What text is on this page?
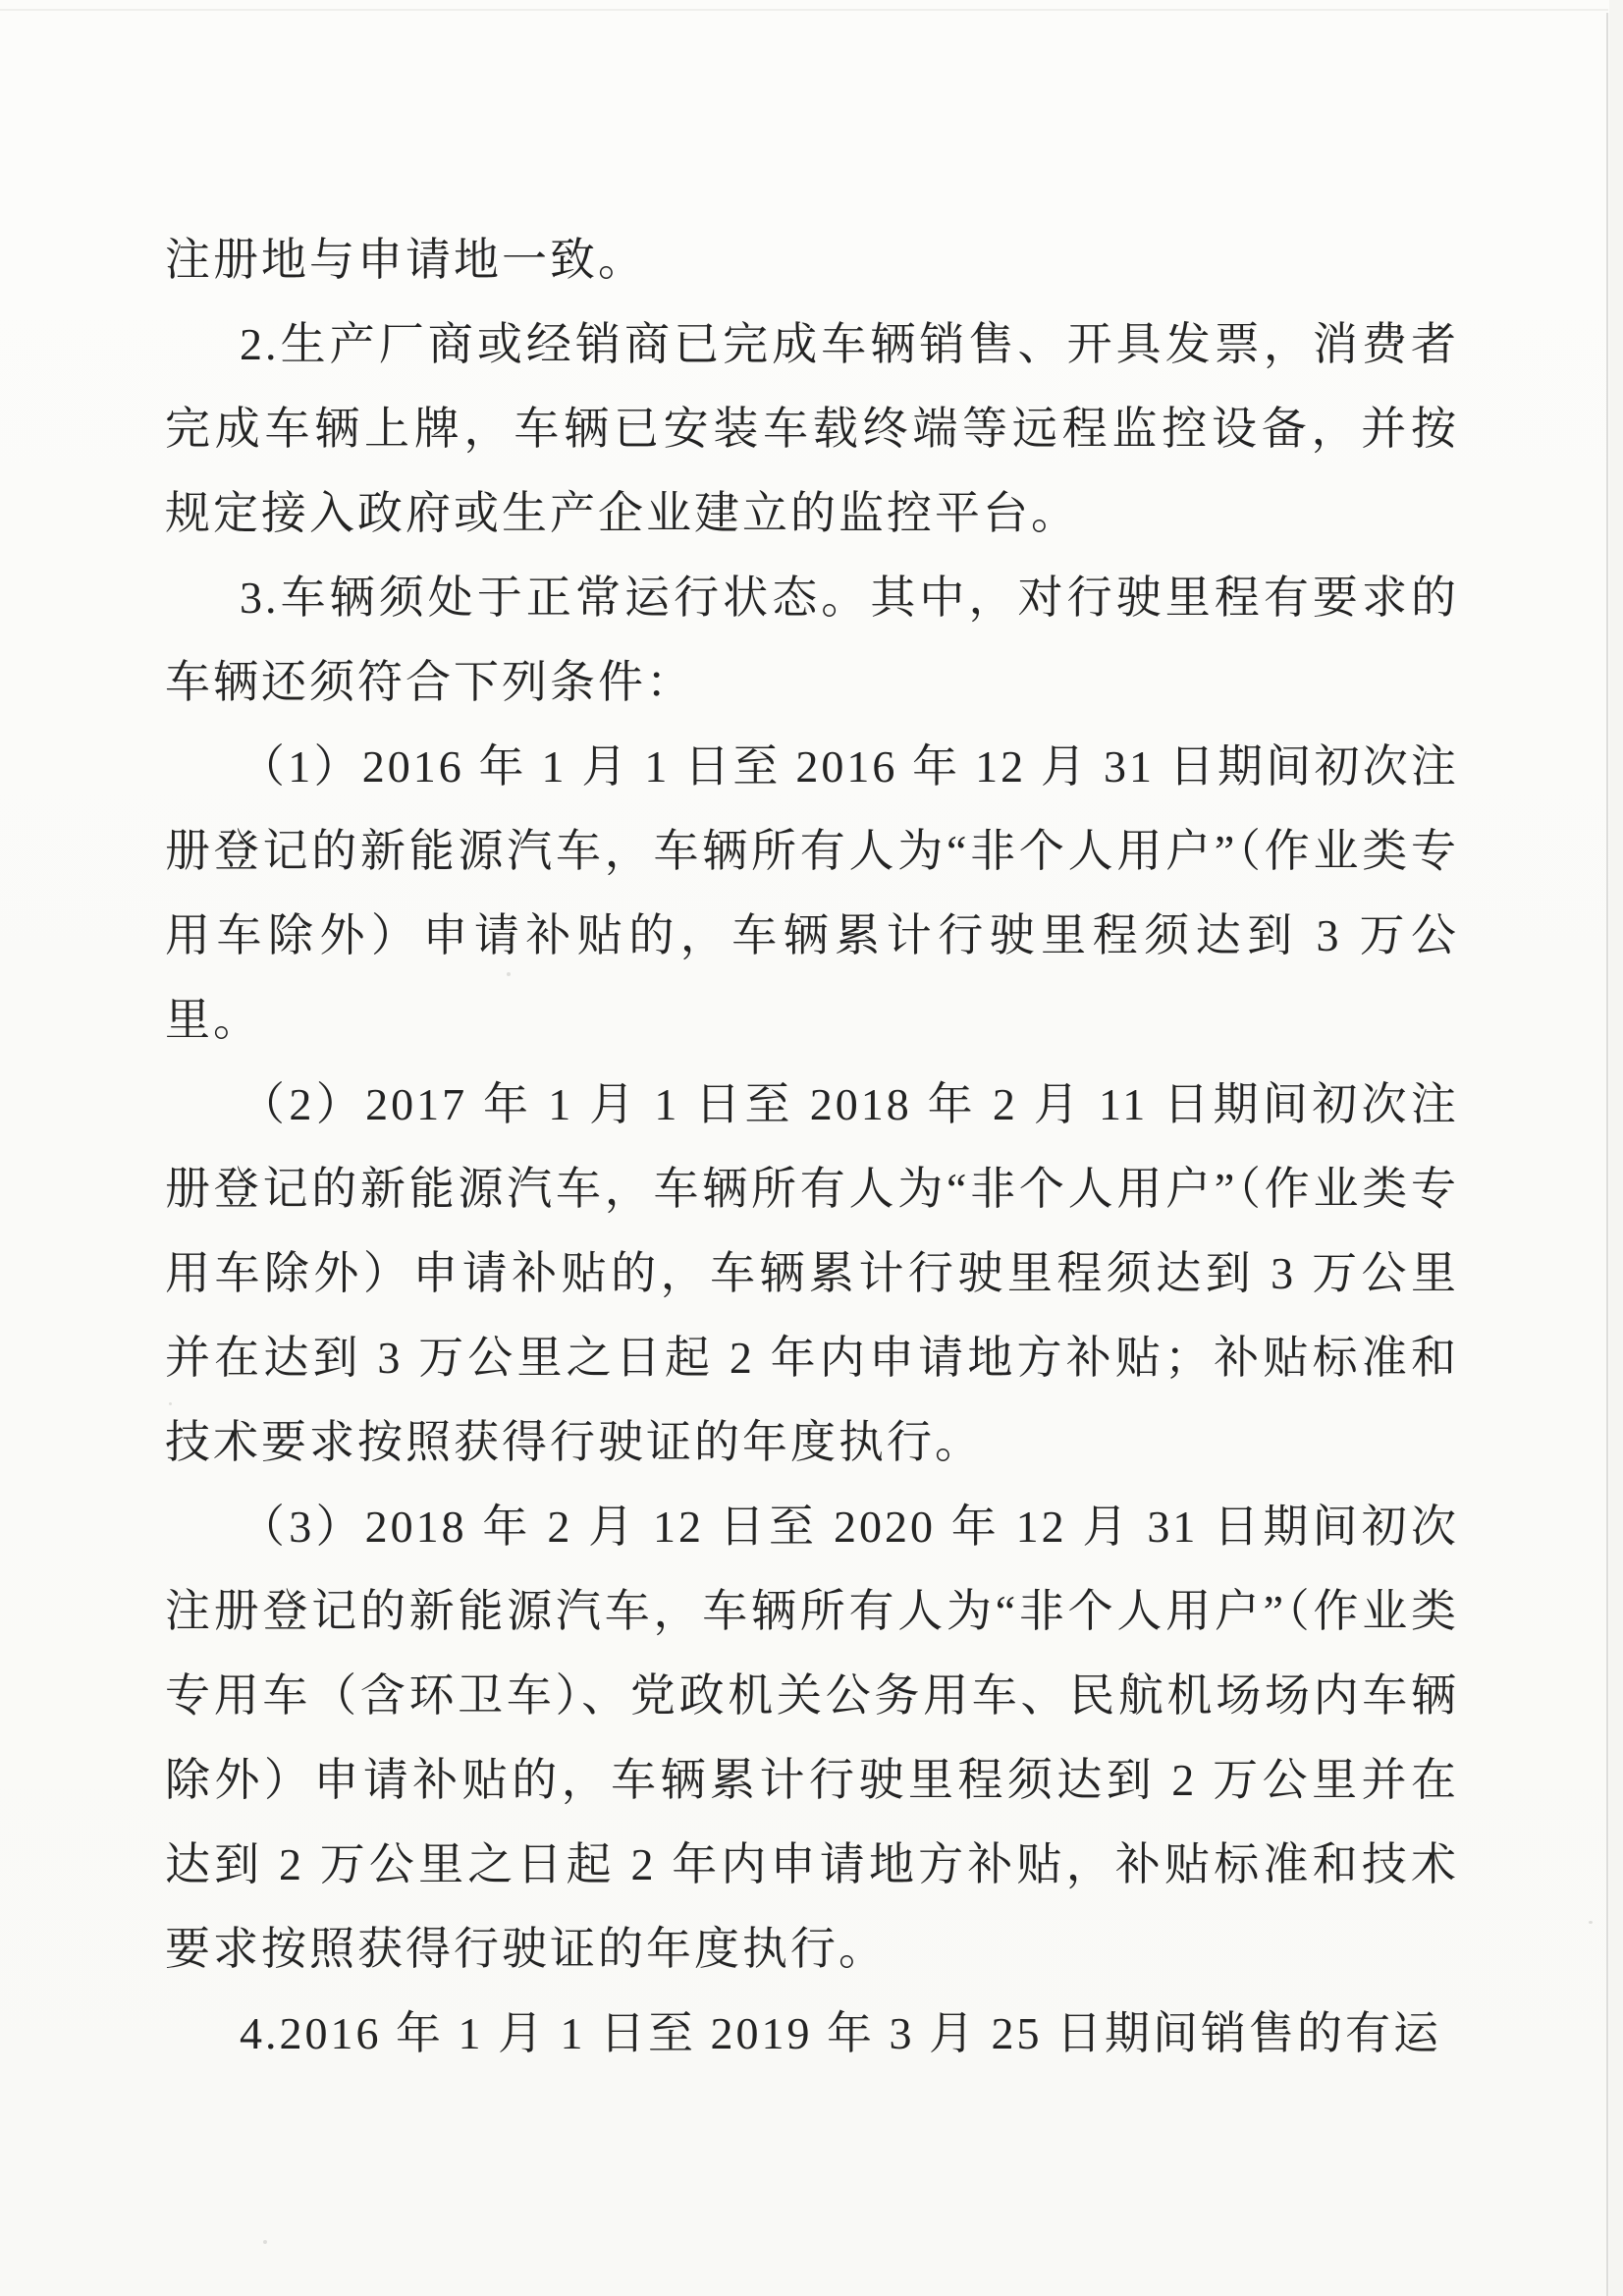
注册地与申请地一致。

2.生产厂商或经销商已完成车辆销售、开具发票，消费者完成车辆上牌，车辆已安装车载终端等远程监控设备，并按规定接入政府或生产企业建立的监控平台。

3.车辆须处于正常运行状态。其中，对行驶里程有要求的车辆还须符合下列条件：

（1）2016 年 1 月 1 日至 2016 年 12 月 31 日期间初次注册登记的新能源汽车，车辆所有人为“非个人用户”（作业类专用车除外）申请补贴的，车辆累计行驶里程须达到 3 万公里。

（2）2017 年 1 月 1 日至 2018 年 2 月 11 日期间初次注册登记的新能源汽车，车辆所有人为“非个人用户”（作业类专用车除外）申请补贴的，车辆累计行驶里程须达到 3 万公里并在达到 3 万公里之日起 2 年内申请地方补贴；补贴标准和技术要求按照获得行驶证的年度执行。

（3）2018 年 2 月 12 日至 2020 年 12 月 31 日期间初次注册登记的新能源汽车，车辆所有人为“非个人用户”（作业类专用车（含环卫车）、党政机关公务用车、民航机场场内车辆除外）申请补贴的，车辆累计行驶里程须达到 2 万公里并在达到 2 万公里之日起 2 年内申请地方补贴，补贴标准和技术要求按照获得行驶证的年度执行。

4.2016 年 1 月 1 日至 2019 年 3 月 25 日期间销售的有运
